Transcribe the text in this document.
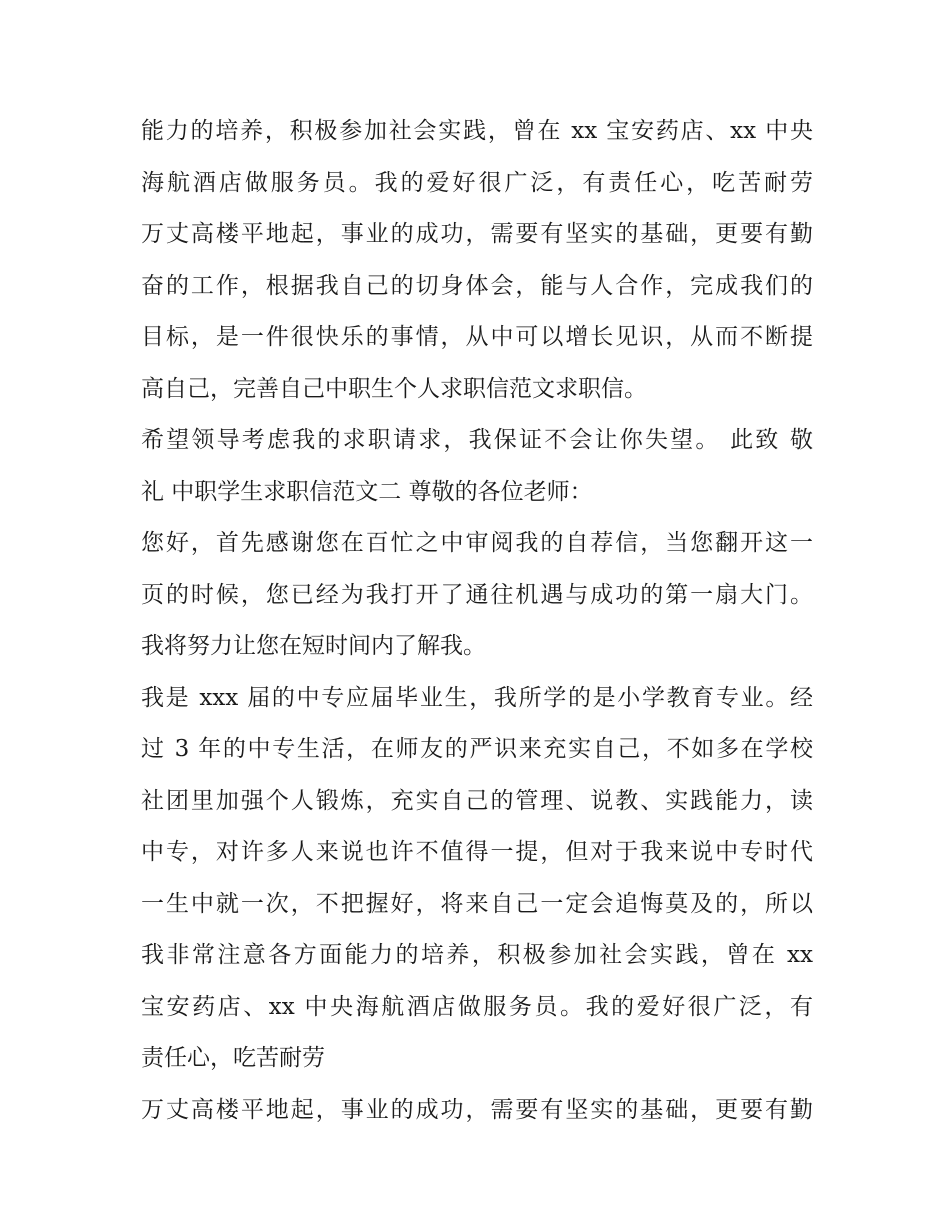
能力的培养，积极参加社会实践，曾在 xx 宝安药店、xx 中央
海航酒店做服务员。我的爱好很广泛，有责任心，吃苦耐劳
万丈高楼平地起，事业的成功，需要有坚实的基础，更要有勤
奋的工作，根据我自己的切身体会，能与人合作，完成我们的
目标，是一件很快乐的事情，从中可以增长见识，从而不断提
高自己，完善自己中职生个人求职信范文求职信。
希望领导考虑我的求职请求，我保证不会让你失望。 此致 敬
礼 中职学生求职信范文二 尊敬的各位老师：
您好，首先感谢您在百忙之中审阅我的自荐信，当您翻开这一
页的时候，您已经为我打开了通往机遇与成功的第一扇大门。
我将努力让您在短时间内了解我。
我是 xxx 届的中专应届毕业生，我所学的是小学教育专业。经
过 3 年的中专生活，在师友的严识来充实自己，不如多在学校
社团里加强个人锻炼，充实自己的管理、说教、实践能力，读
中专，对许多人来说也许不值得一提，但对于我来说中专时代
一生中就一次，不把握好，将来自己一定会追悔莫及的，所以
我非常注意各方面能力的培养，积极参加社会实践，曾在 xx
宝安药店、xx 中央海航酒店做服务员。我的爱好很广泛，有
责任心，吃苦耐劳
万丈高楼平地起，事业的成功，需要有坚实的基础，更要有勤
